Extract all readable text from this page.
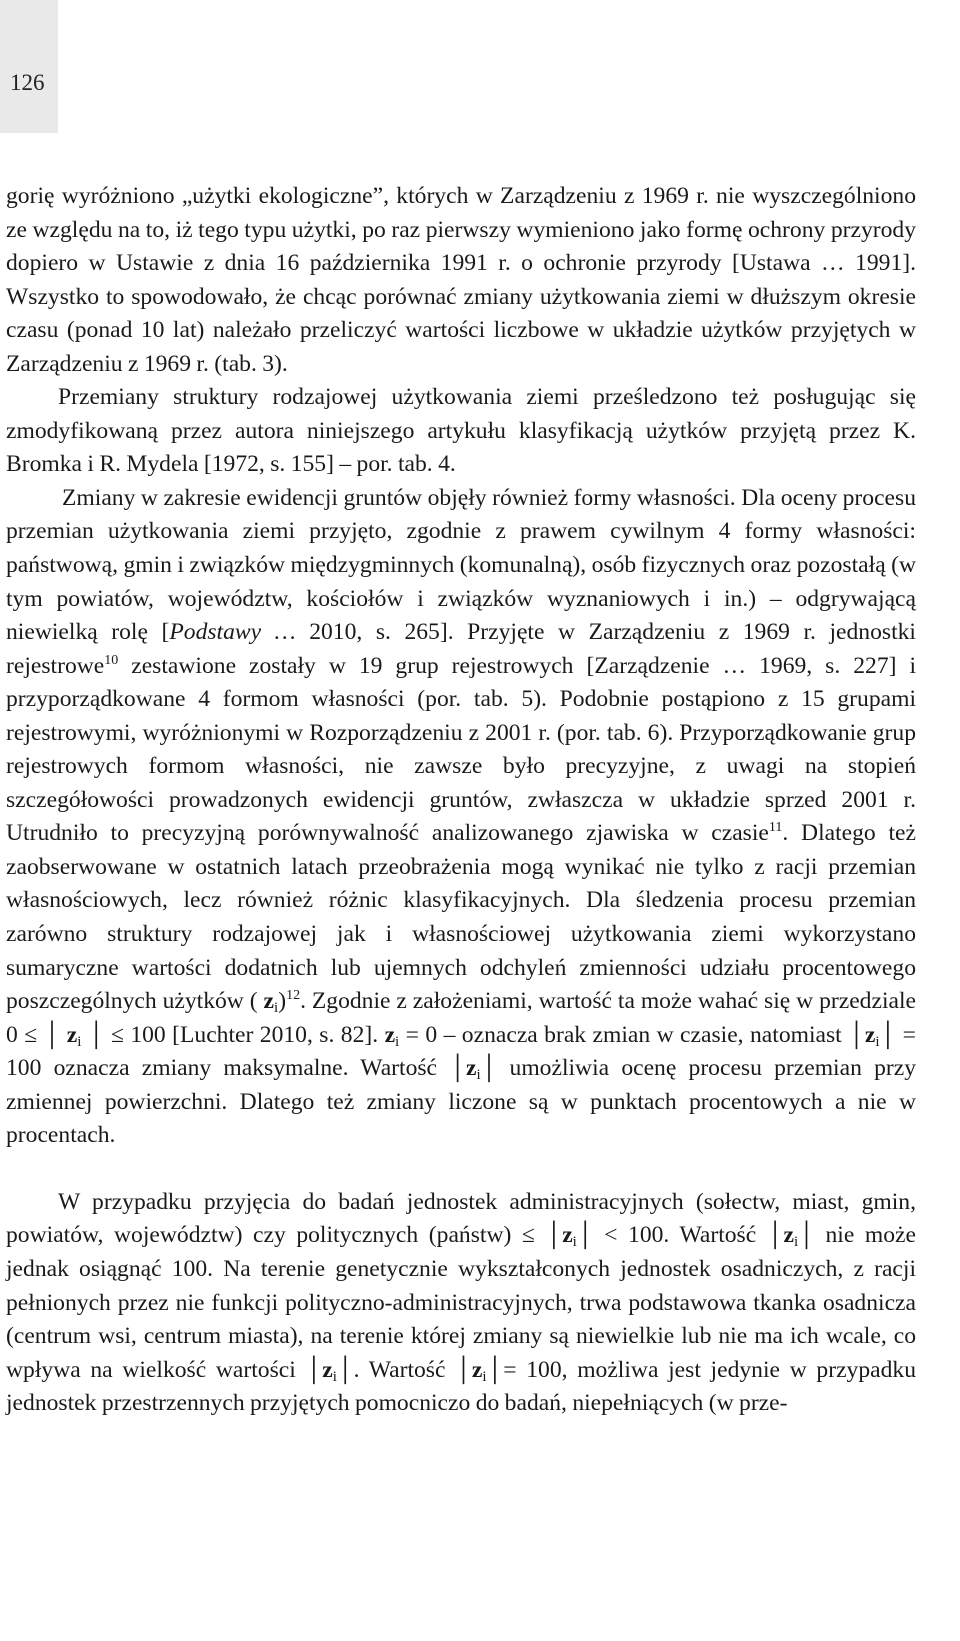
126

gorię wyróżniono „użytki ekologiczne”, których w Zarządzeniu z 1969 r. nie wyszczególniono ze względu na to, iż tego typu użytki, po raz pierwszy wymieniono jako formę ochrony przyrody dopiero w Ustawie z dnia 16 października 1991 r. o ochronie przyrody [Ustawa … 1991]. Wszystko to spowodowało, że chcąc porównać zmiany użytkowania ziemi w dłuższym okresie czasu (ponad 10 lat) należało przeliczyć wartości liczbowe w układzie użytków przyjętych w Zarządzeniu z 1969 r. (tab. 3).

Przemiany struktury rodzajowej użytkowania ziemi prześledzono też posługując się zmodyfikowaną przez autora niniejszego artykułu klasyfikacją użytków przyjętą przez K. Bromka i R. Mydela [1972, s. 155] – por. tab. 4.

Zmiany w zakresie ewidencji gruntów objęły również formy własności. Dla oceny procesu przemian użytkowania ziemi przyjęto, zgodnie z prawem cywilnym 4 formy własności: państwową, gmin i związków międzygminnych (komunalną), osób fizycznych oraz pozostałą (w tym powiatów, województw, kościołów i związków wyznaniowych i in.) – odgrywającą niewielką rolę [Podstawy … 2010, s. 265]. Przyjęte w Zarządzeniu z 1969 r. jednostki rejestrowe$^{10}$ zestawione zostały w 19 grup rejestrowych [Zarządzenie … 1969, s. 227] i przyporządkowane 4 formom własności (por. tab. 5). Podobnie postąpiono z 15 grupami rejestrowymi, wyróżnionymi w Rozporządzeniu z 2001 r. (por. tab. 6). Przyporządkowanie grup rejestrowych formom własności, nie zawsze było precyzyjne, z uwagi na stopień szczegółowości prowadzonych ewidencji gruntów, zwłaszcza w układzie sprzed 2001 r. Utrudniło to precyzyjną porównywalność analizowanego zjawiska w czasie$^{11}$. Dlatego też zaobserwowane w ostatnich latach przeobrażenia mogą wynikać nie tylko z racji przemian własnościowych, lecz również różnic klasyfikacyjnych. Dla śledzenia procesu przemian zarówno struktury rodzajowej jak i własnościowej użytkowania ziemi wykorzystano sumaryczne wartości dodatnich lub ujemnych odchyleń zmienności udziału procentowego poszczególnych użytków ( $z_i)^{12}$. Zgodnie z założeniami, wartość ta może wahać się w przedziale 0 ≤ │ $z_i$ │ ≤ 100 [Luchter 2010, s. 82]. $z_i = 0$ – oznacza brak zmian w czasie, natomiast $│z_i│ = 100$ oznacza zmiany maksymalne. Wartość $│z_i│$ umożliwia ocenę procesu przemian przy zmiennej powierzchni. Dlatego też zmiany liczone są w punktach procentowych a nie w procentach.

W przypadku przyjęcia do badań jednostek administracyjnych (sołectw, miast, gmin, powiatów, województw) czy politycznych (państw) ≤ $│z_i│ < 100$. Wartość $│z_i│$ nie może jednak osiągnąć 100. Na terenie genetycznie wykształconych jednostek osadniczych, z racji pełnionych przez nie funkcji polityczno-administracyjnych, trwa podstawowa tkanka osadnicza (centrum wsi, centrum miasta), na terenie której zmiany są niewielkie lub nie ma ich wcale, co wpływa na wielkość wartości $│z_i│$. Wartość $│z_i│= 100$, możliwa jest jedynie w przypadku jednostek przestrzennych przyjętych pomocniczo do badań, niepełniących (w prze-
